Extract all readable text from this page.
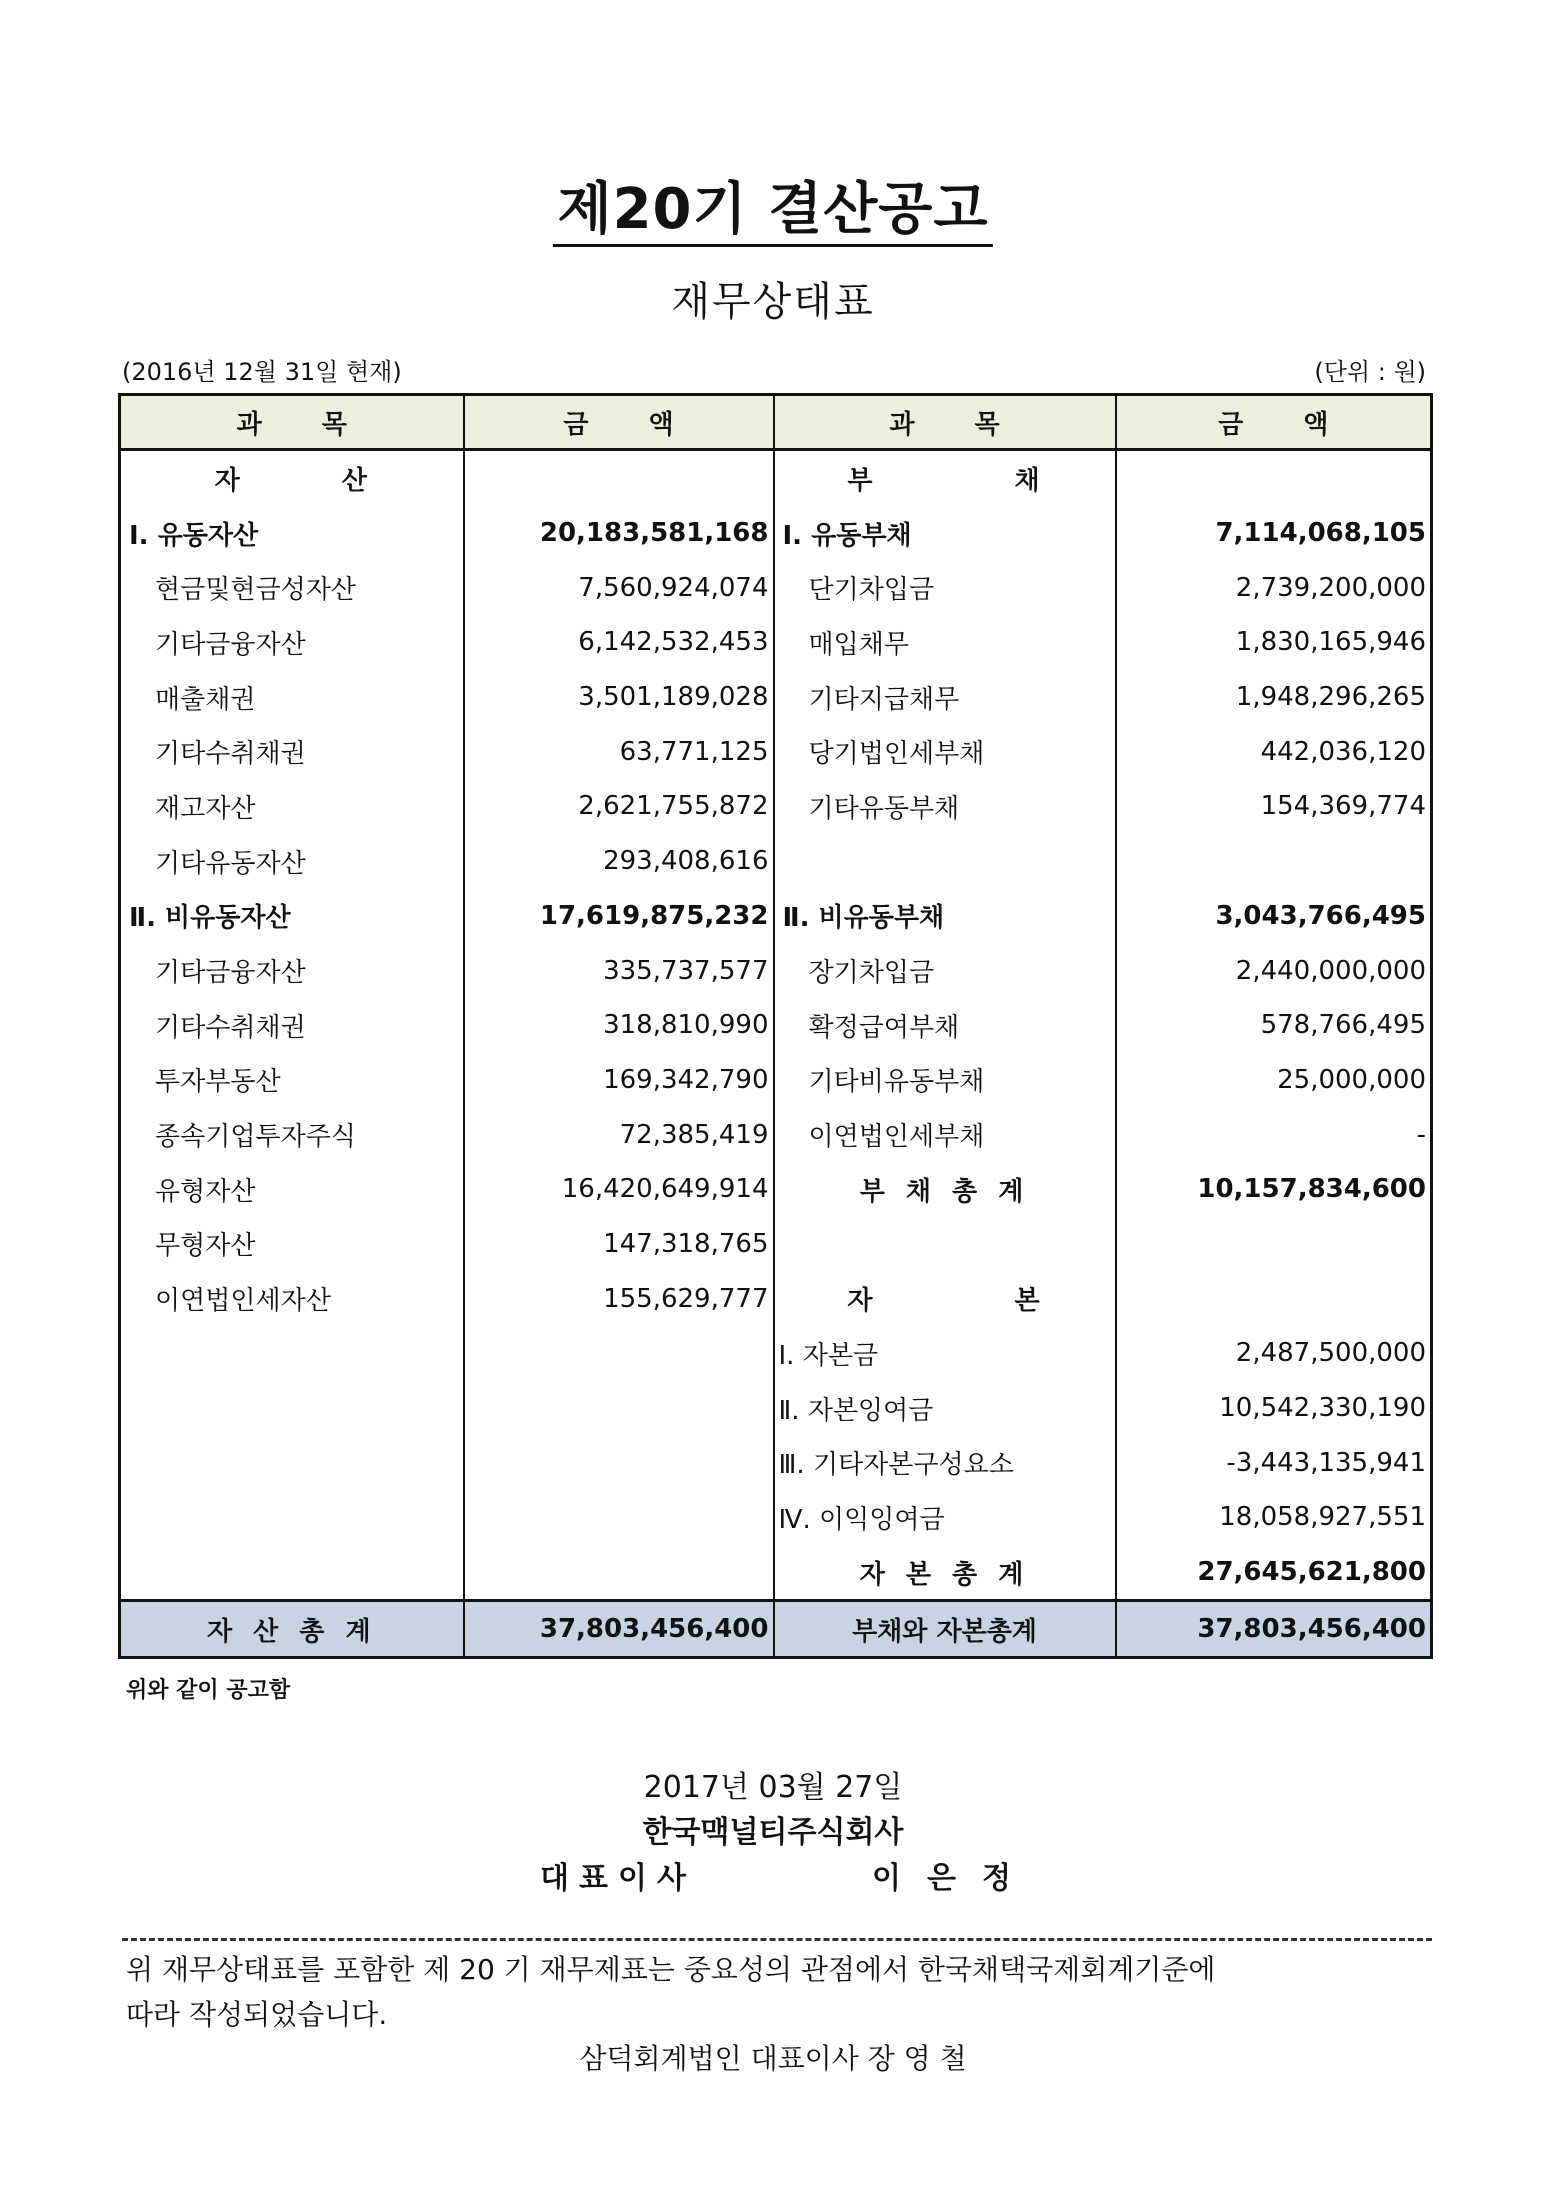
제20기 결산공고
재무상태표
(2016년 12월 31일 현재)	(단위 : 원)
과 목	금 액	과 목	금 액
자 산		부 채	
Ⅰ. 유동자산	20,183,581,168	Ⅰ. 유동부채	7,114,068,105
현금및현금성자산	7,560,924,074	단기차입금	2,739,200,000
기타금융자산	6,142,532,453	매입채무	1,830,165,946
매출채권	3,501,189,028	기타지급채무	1,948,296,265
기타수취채권	63,771,125	당기법인세부채	442,036,120
재고자산	2,621,755,872	기타유동부채	154,369,774
기타유동자산	293,408,616		
Ⅱ. 비유동자산	17,619,875,232	Ⅱ. 비유동부채	3,043,766,495
기타금융자산	335,737,577	장기차입금	2,440,000,000
기타수취채권	318,810,990	확정급여부채	578,766,495
투자부동산	169,342,790	기타비유동부채	25,000,000
종속기업투자주식	72,385,419	이연법인세부채	-
유형자산	16,420,649,914	부 채 총 계	10,157,834,600
무형자산	147,318,765		
이연법인세자산	155,629,777	자 본	
		Ⅰ. 자본금	2,487,500,000
		Ⅱ. 자본잉여금	10,542,330,190
		Ⅲ. 기타자본구성요소	-3,443,135,941
		Ⅳ. 이익잉여금	18,058,927,551
		자 본 총 계	27,645,621,800
자 산 총 계	37,803,456,400	부채와 자본총계	37,803,456,400
위와 같이 공고함
2017년 03월 27일
한국맥널티주식회사
대표이사	이은정
위 재무상태표를 포함한 제 20 기 재무제표는 중요성의 관점에서 한국채택국제회계기준에
따라 작성되었습니다.
삼덕회계법인 대표이사 장 영 철
